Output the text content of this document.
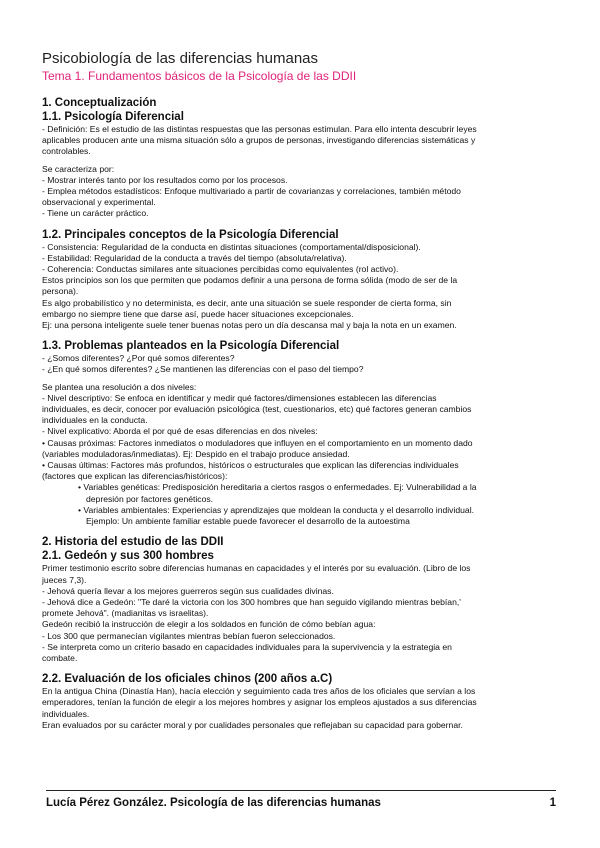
Psicobiología de las diferencias humanas
Tema 1. Fundamentos básicos de la Psicología de las DDII
1. Conceptualización
1.1. Psicología Diferencial

- Definición: Es el estudio de las distintas respuestas que las personas estimulan. Para ello intenta descubrir leyes

aplicables producen ante una misma situación sólo a grupos de personas, investigando diferencias sistemáticas y

controlables.

Se caracteriza por:

- Mostrar interés tanto por los resultados como por los procesos.

- Emplea métodos estadísticos: Enfoque multivariado a partir de covarianzas y correlaciones, también método

observacional y experimental.

- Tiene un carácter práctico.

1.2. Principales conceptos de la Psicología Diferencial

- Consistencia: Regularidad de la conducta en distintas situaciones (comportamental/disposicional).

- Estabilidad: Regularidad de la conducta a través del tiempo (absoluta/relativa).

- Coherencia: Conductas similares ante situaciones percibidas como equivalentes (rol activo).

Estos principios son los que permiten que podamos definir a una persona de forma sólida (modo de ser de la

persona).

Es algo probabilístico y no determinista, es decir, ante una situación se suele responder de cierta forma, sin

embargo no siempre tiene que darse así, puede hacer situaciones excepcionales.

Ej: una persona inteligente suele tener buenas notas pero un día descansa mal y baja la nota en un examen.

1.3. Problemas planteados en la Psicología Diferencial

- ¿Somos diferentes? ¿Por qué somos diferentes?

- ¿En qué somos diferentes? ¿Se mantienen las diferencias con el paso del tiempo?

Se plantea una resolución a dos niveles:

- Nivel descriptivo: Se enfoca en identificar y medir qué factores/dimensiones establecen las diferencias

individuales, es decir, conocer por evaluación psicológica (test, cuestionarios, etc) qué factores generan cambios

individuales en la conducta.

- Nivel explicativo: Aborda el por qué de esas diferencias en dos niveles:

• Causas próximas: Factores inmediatos o moduladores que influyen en el comportamiento en un momento dado

(variables moduladoras/inmediatas). Ej: Despido en el trabajo produce ansiedad.

• Causas últimas: Factores más profundos, históricos o estructurales que explican las diferencias individuales

(factores que explican las diferencias/históricos):

• Variables genéticas: Predisposición hereditaria a ciertos rasgos o enfermedades. Ej: Vulnerabilidad a la

depresión por factores genéticos.

• Variables ambientales: Experiencias y aprendizajes que moldean la conducta y el desarrollo individual.

Ejemplo: Un ambiente familiar estable puede favorecer el desarrollo de la autoestima

2. Historia del estudio de las DDII
2.1. Gedeón y sus 300 hombres

Primer testimonio escrito sobre diferencias humanas en capacidades y el interés por su evaluación. (Libro de los

jueces 7,3).

- Jehová quería llevar a los mejores guerreros según sus cualidades divinas.

- Jehová dice a Gedeón: "Te daré la victoria con los 300 hombres que han seguido vigilando mientras bebían,'

promete Jehová". (madianitas vs israelitas).

Gedeón recibió la instrucción de elegir a los soldados en función de cómo bebían agua:

- Los 300 que permanecían vigilantes mientras bebían fueron seleccionados.

- Se interpreta como un criterio basado en capacidades individuales para la supervivencia y la estrategia en

combate.

2.2. Evaluación de los oficiales chinos (200 años a.C)

En la antigua China (Dinastía Han), hacía elección y seguimiento cada tres años de los oficiales que servían a los

emperadores, tenían la función de elegir a los mejores hombres y asignar los empleos ajustados a sus diferencias

individuales.

Eran evaluados por su carácter moral y por cualidades personales que reflejaban su capacidad para gobernar.

Lucía Pérez González. Psicología de las diferencias humanas	1
